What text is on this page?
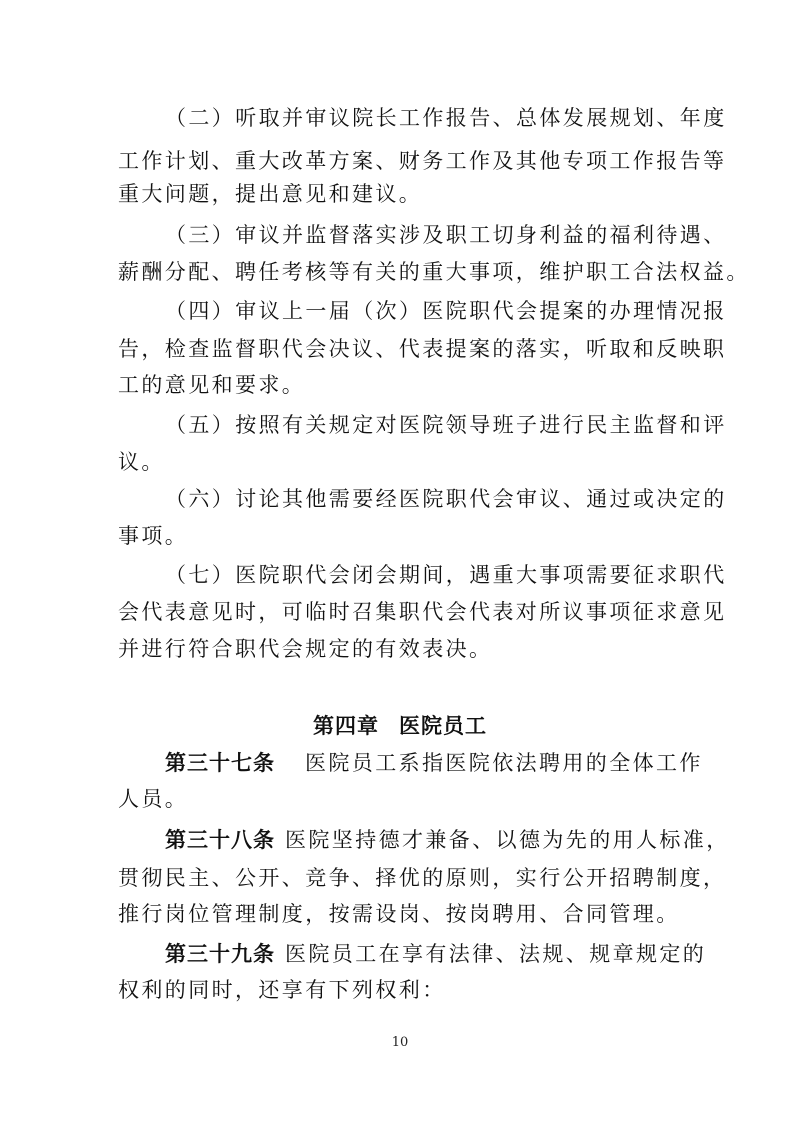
（二）听取并审议院长工作报告、总体发展规划、年度
工作计划、重大改革方案、财务工作及其他专项工作报告等
重大问题，提出意见和建议。
（三）审议并监督落实涉及职工切身利益的福利待遇、
薪酬分配、聘任考核等有关的重大事项，维护职工合法权益。
（四）审议上一届（次）医院职代会提案的办理情况报
告，检查监督职代会决议、代表提案的落实，听取和反映职
工的意见和要求。
（五）按照有关规定对医院领导班子进行民主监督和评
议。
（六）讨论其他需要经医院职代会审议、通过或决定的
事项。
（七）医院职代会闭会期间，遇重大事项需要征求职代
会代表意见时，可临时召集职代会代表对所议事项征求意见
并进行符合职代会规定的有效表决。
第四章 医院员工
第三十七条 医院员工系指医院依法聘用的全体工作
人员。
第三十八条 医院坚持德才兼备、以德为先的用人标准，
贯彻民主、公开、竞争、择优的原则，实行公开招聘制度，
推行岗位管理制度，按需设岗、按岗聘用、合同管理。
第三十九条 医院员工在享有法律、法规、规章规定的
权利的同时，还享有下列权利：
10
